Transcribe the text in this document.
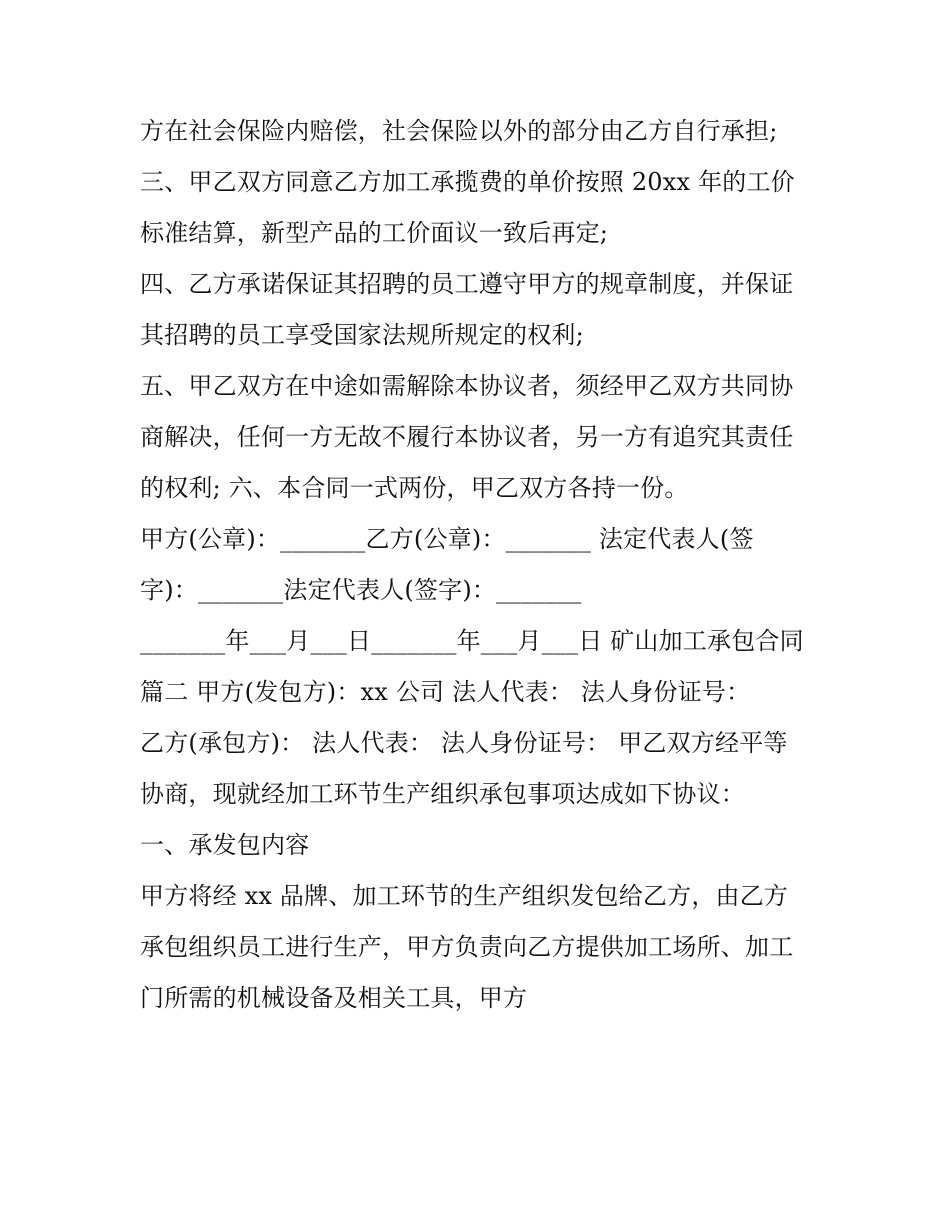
方在社会保险内赔偿，社会保险以外的部分由乙方自行承担;
三、甲乙双方同意乙方加工承揽费的单价按照 20xx 年的工价
标准结算，新型产品的工价面议一致后再定;
四、乙方承诺保证其招聘的员工遵守甲方的规章制度，并保证
其招聘的员工享受国家法规所规定的权利;
五、甲乙双方在中途如需解除本协议者，须经甲乙双方共同协
商解决，任何一方无故不履行本协议者，另一方有追究其责任
的权利; 六、本合同一式两份，甲乙双方各持一份。
甲方(公章)：_______乙方(公章)：_______ 法定代表人(签
字)：_______法定代表人(签字)：_______
_______年___月___日_______年___月___日 矿山加工承包合同
篇二 甲方(发包方)：xx 公司 法人代表： 法人身份证号：
乙方(承包方)： 法人代表： 法人身份证号： 甲乙双方经平等
协商，现就经加工环节生产组织承包事项达成如下协议：
一、承发包内容
甲方将经 xx 品牌、加工环节的生产组织发包给乙方，由乙方
承包组织员工进行生产，甲方负责向乙方提供加工场所、加工
门所需的机械设备及相关工具，甲方
